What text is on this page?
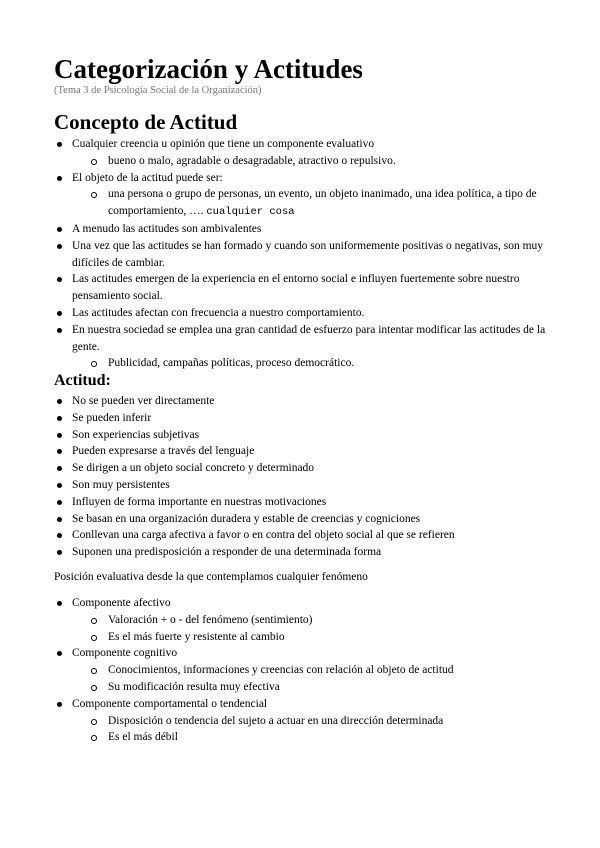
Categorización y Actitudes
(Tema 3 de Psicología Social de la Organización)
Concepto de Actitud
Cualquier creencia u opinión que tiene un componente evaluativo
bueno o malo, agradable o desagradable, atractivo o repulsivo.
El objeto de la actitud puede ser:
una persona o grupo de personas, un evento, un objeto inanimado, una idea política, a tipo de comportamiento, …. cualquier cosa
A menudo las actitudes son ambivalentes
Una vez que las actitudes se han formado y cuando son uniformemente positivas o negativas, son muy difíciles de cambiar.
Las actitudes emergen de la experiencia en el entorno social e influyen fuertemente sobre nuestro pensamiento social.
Las actitudes afectan con frecuencia a nuestro comportamiento.
En nuestra sociedad se emplea una gran cantidad de esfuerzo para intentar modificar las actitudes de la gente.
Publicidad, campañas políticas, proceso democrático.
Actitud:
No se pueden ver directamente
Se pueden inferir
Son experiencias subjetivas
Pueden expresarse a través del lenguaje
Se dirigen a un objeto social concreto y determinado
Son muy persistentes
Influyen de forma importante en nuestras motivaciones
Se basan en una organización duradera y estable de creencias y cogniciones
Conllevan una carga afectiva a favor o en contra del objeto social al que se refieren
Suponen una predisposición a responder de una determinada forma
Posición evaluativa desde la que contemplamos cualquier fenómeno
Componente afectivo
Valoración + o - del fenómeno (sentimiento)
Es el más fuerte y resistente al cambio
Componente cognitivo
Conocimientos, informaciones y creencias con relación al objeto de actitud
Su modificación resulta muy efectiva
Componente comportamental o tendencial
Disposición o tendencia del sujeto a actuar en una dirección determinada
Es el más débil
